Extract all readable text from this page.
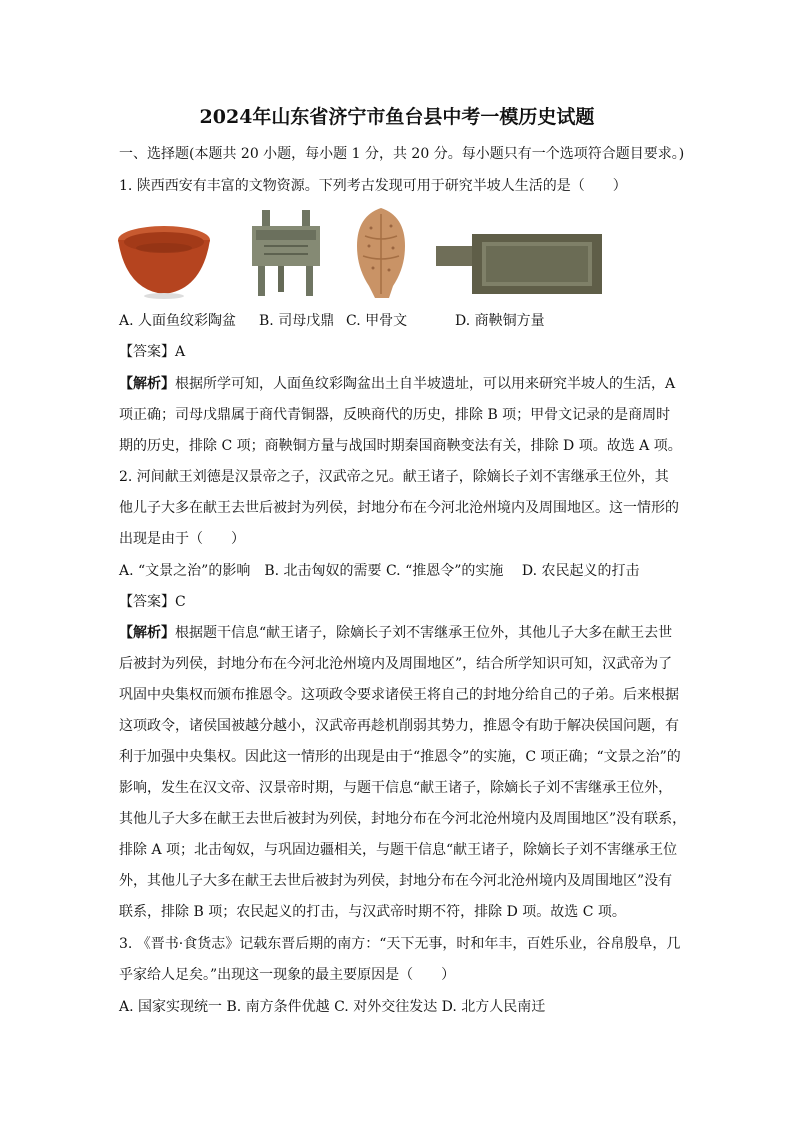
2024年山东省济宁市鱼台县中考一模历史试题
一、选择题(本题共 20 小题，每小题 1 分，共 20 分。每小题只有一个选项符合题目要求。)
1. 陕西西安有丰富的文物资源。下列考古发现可用于研究半坡人生活的是（　　）
A. 人面鱼纹彩陶盆 B. 司母戊鼎 C. 甲骨文	D. 商鞅铜方量
【答案】A
【解析】根据所学可知，人面鱼纹彩陶盆出土自半坡遗址，可以用来研究半坡人的生活，A
项正确；司母戊鼎属于商代青铜器，反映商代的历史，排除 B 项；甲骨文记录的是商周时
期的历史，排除 C 项；商鞅铜方量与战国时期秦国商鞅变法有关，排除 D 项。故选 A 项。
2. 河间献王刘德是汉景帝之子，汉武帝之兄。献王诸子，除嫡长子刘不害继承王位外，其
他儿子大多在献王去世后被封为列侯，封地分布在今河北沧州境内及周围地区。这一情形的
出现是由于（　　）
A. “文景之治”的影响　B. 北击匈奴的需要 C. “推恩令”的实施　 D. 农民起义的打击
【答案】C
【解析】根据题干信息“献王诸子，除嫡长子刘不害继承王位外，其他儿子大多在献王去世
后被封为列侯，封地分布在今河北沧州境内及周围地区”，结合所学知识可知，汉武帝为了
巩固中央集权而颁布推恩令。这项政令要求诸侯王将自己的封地分给自己的子弟。后来根据
这项政令，诸侯国被越分越小，汉武帝再趁机削弱其势力，推恩令有助于解决侯国问题，有
利于加强中央集权。因此这一情形的出现是由于“推恩令”的实施，C 项正确；“文景之治”的
影响，发生在汉文帝、汉景帝时期，与题干信息“献王诸子，除嫡长子刘不害继承王位外，
其他儿子大多在献王去世后被封为列侯，封地分布在今河北沧州境内及周围地区”没有联系，
排除 A 项；北击匈奴，与巩固边疆相关，与题干信息“献王诸子，除嫡长子刘不害继承王位
外，其他儿子大多在献王去世后被封为列侯，封地分布在今河北沧州境内及周围地区”没有
联系，排除 B 项；农民起义的打击，与汉武帝时期不符，排除 D 项。故选 C 项。
3. 《晋书·食货志》记载东晋后期的南方：“天下无事，时和年丰，百姓乐业，谷帛殷阜，几
乎家给人足矣。”出现这一现象的最主要原因是（　　）
A. 国家实现统一 B. 南方条件优越 C. 对外交往发达 D. 北方人民南迁
